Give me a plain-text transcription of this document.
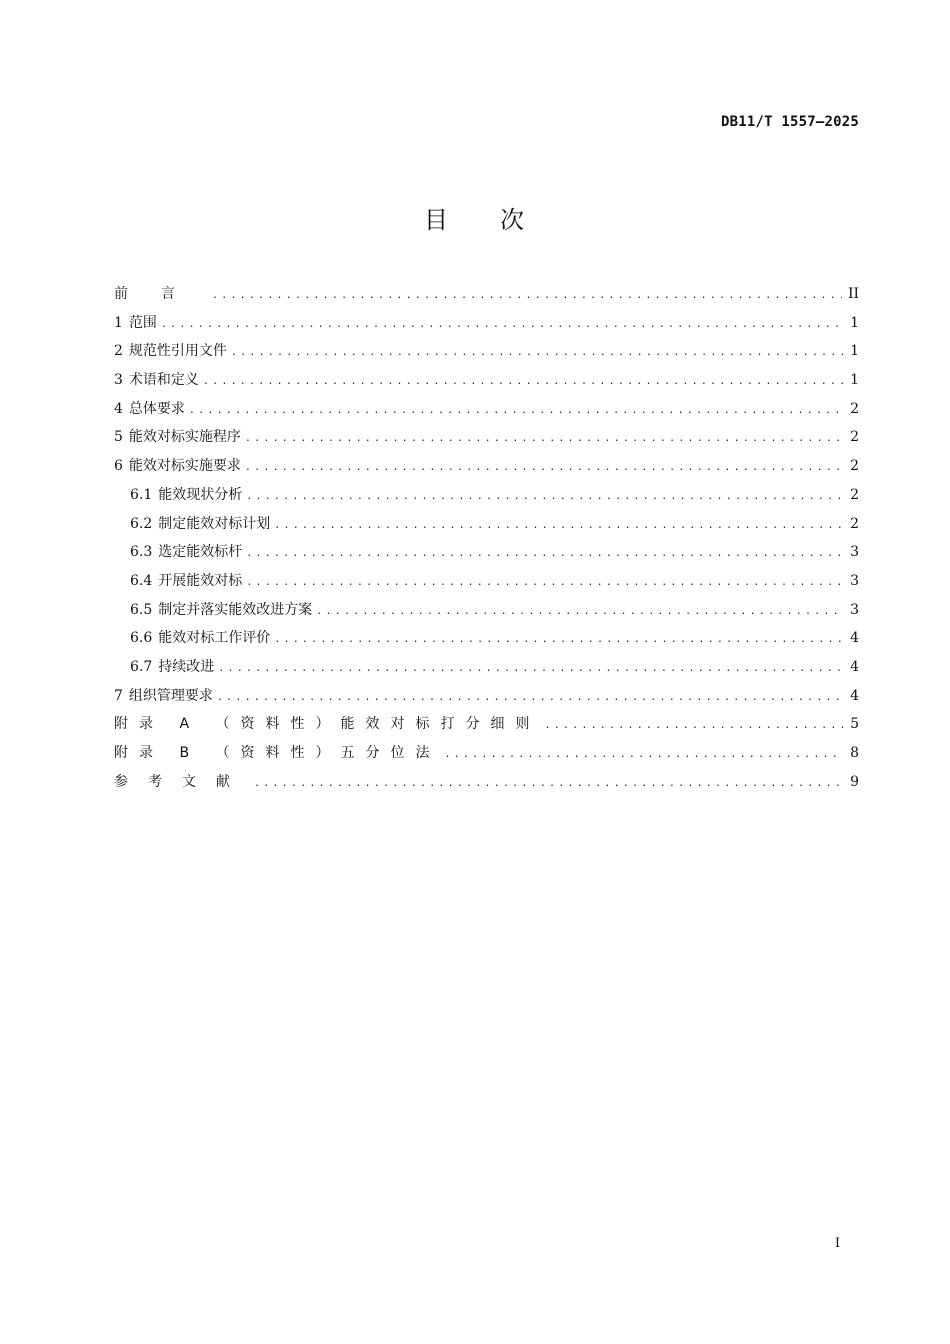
DB11/T 1557—2025
目 次
前言 .....	II
1 范围 .....	1
2 规范性引用文件 .....	1
3 术语和定义 .....	1
4 总体要求 .....	2
5 能效对标实施程序 .....	2
6 能效对标实施要求 .....	2
6.1 能效现状分析 .....	2
6.2 制定能效对标计划 .....	2
6.3 选定能效标杆 .....	3
6.4 开展能效对标 .....	3
6.5 制定并落实能效改进方案 .....	3
6.6 能效对标工作评价 .....	4
6.7 持续改进 .....	4
7 组织管理要求 .....	4
附录 A （资料性）能效对标打分细则 .....	5
附录 B （资料性）五分位法 .....	8
参考文献 .....	9
I
